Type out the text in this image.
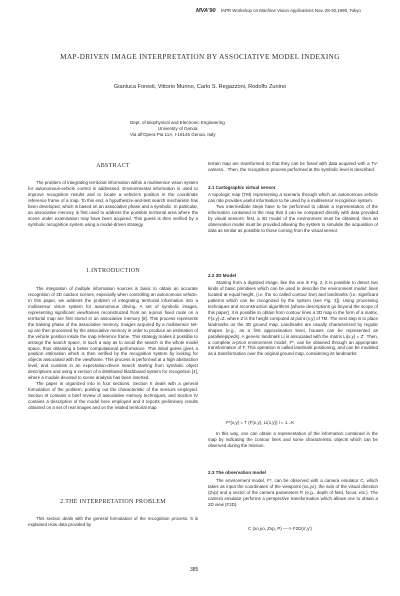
MVA'90 IAPR Workshop on Machine Vision Applications Nov. 28-30,1990, Tokyo
MAP-DRIVEN IMAGE INTERPRETATION BY ASSOCIATIVE MODEL INDEXING
Gianluca Foresti, Vittorio Murino, Carlo S. Regazzoni, Rodolfo Zunino
Dept. of Biophysical and Electronic Engineering
University of Genoa
Via all'Opera Pia 11A, I-16145 Genoa, Italy
ABSTRACT

The problem of integrating territorial information within a multisensor vision system for autonomous-vehicle control is addressed. Environmental information is used to improve recognition results and to locate a vehicle's position in the coordinate reference frame of a map. To this end, a hypothesize-and-test search mechanism has been developed, which is based on an associative phase and a symbolic. In particular, an associative memory is first used to address the possible territorial area where the scene under examination may have been acquired. This guess is then verified by a symbolic recognition system using a model-driven strategy.

1.INTRODUCTION

The integration of multiple information sources is basic to obtain an accurate recognition of 3D outdoor scenes, especially when controlling an autonomous vehicle. In this paper, we address the problem of integrating territorial information into a multisensor vision system for autonomous driving. A set of symbolic images, representing significant viewframes reconstructed from an a-priori fixed route on a territorial map are first stored in an associative memory [8]. This process represents the training phase of the associative memory. Images acquired by a multisensor set-up are then processed by the associative memory in order to produce an estimation of the vehicle position inside the map reference frame. This strategy makes it possible to arrange the search space, in such a way as to avoid the search in the whole model space, thus obtaining a better computational performance. This initial guess gives a position estimation which is then verified by the recognition system by looking for objects associated with the viewframe. This process is performed at a high abstraction level, and consists in an expectation-driven search starting from symbolic object descriptions and using a version of a distributed blackboard system for recognition [4], where a module devoted to scene analysis has been inserted.

The paper is organized into in four sections. Section II deals with a general formulation of the problem, pointing out the characteristic of the sensors employed. Section III contains a brief review of associative memory techniques, and Section IV contains a description of the model here employed and it reports preliminary results obtained on a set of real images and on the related territorial map.

2.THE INTERPRETATION PROBLEM

This section deals with the general formulation of the recognition process. It is explained How data provided by

terrain map are transformed so that they can be fused with data acquired with a TV-camera. . Then, the recognition process performed at the symbolic level is described.

2.1 Cartographic virtual sensor

A topologic map (TM) representing a scenario through which an autonomous vehicle can ride provides useful information to be used by a multisensor recognition system.

Two intermediate steps have to be performed to obtain a representation of the information contained in the map that it can be compared directly with data provided by visual sensors: first, a 3D model of the environment must be obtained, then an observation model must be provided allowing the system to simulate the acquisition of data as similar as possible to those coming from the visual sensor.

2.2 3D Model

Starting from a digitized image, like the one in Fig. 2, it is possible to detect two kinds of basic primitives which can be used to describe the environment model: lines located at equal height, (i.e. the so called contour line) and landmarks (i.e. significant patterns which can be recognized by the system (see Fig. 3]). Using processing techniques and reconstruction algorithms (whose descriptions go beyond the scope of this paper), it is possible to obtain from contour lines a 3D map in the form of a matrix, F(x,y)=Z, where Z is the height computed at point (x,y) of TM. The next step is to place landmarks on the 3D ground map. Landmarks are usually characterized by regular shapes (e.g., as a first approximation level, houses can be represented as parallelepipeds). A generic landmark Li is associated with the matrix Li(x,y) = Z'. Then, a complete a-priori environment model, F*, can be obtained through an appropriate transformation of F. This operation is called landmark positioning, and can be modeled as a transformation over the original ground map, considering its landmarks:

F*(x,y) = T (F(x,y), Li(x,y)) i = 1...K

In this way, one can obtain a representation of the information contained in the map by indicating the contour lines and some characteristic objects which can be observed during the mission.

2.3 The observation model

The environment model, F*, can be observed with a camera emulator C, which takes as input the coordinates of the viewpoint (xo,yo), the axis of the visual direction (Zvp) and a vector of the camera parameters P, (e.g., depth of field, focus, etc.). The camera emulator performs a perspective transformation which allows one to obtain a 2D view (F2D).

C (xo,yo, Zvp, P) ----> F2D(x',y')
385
